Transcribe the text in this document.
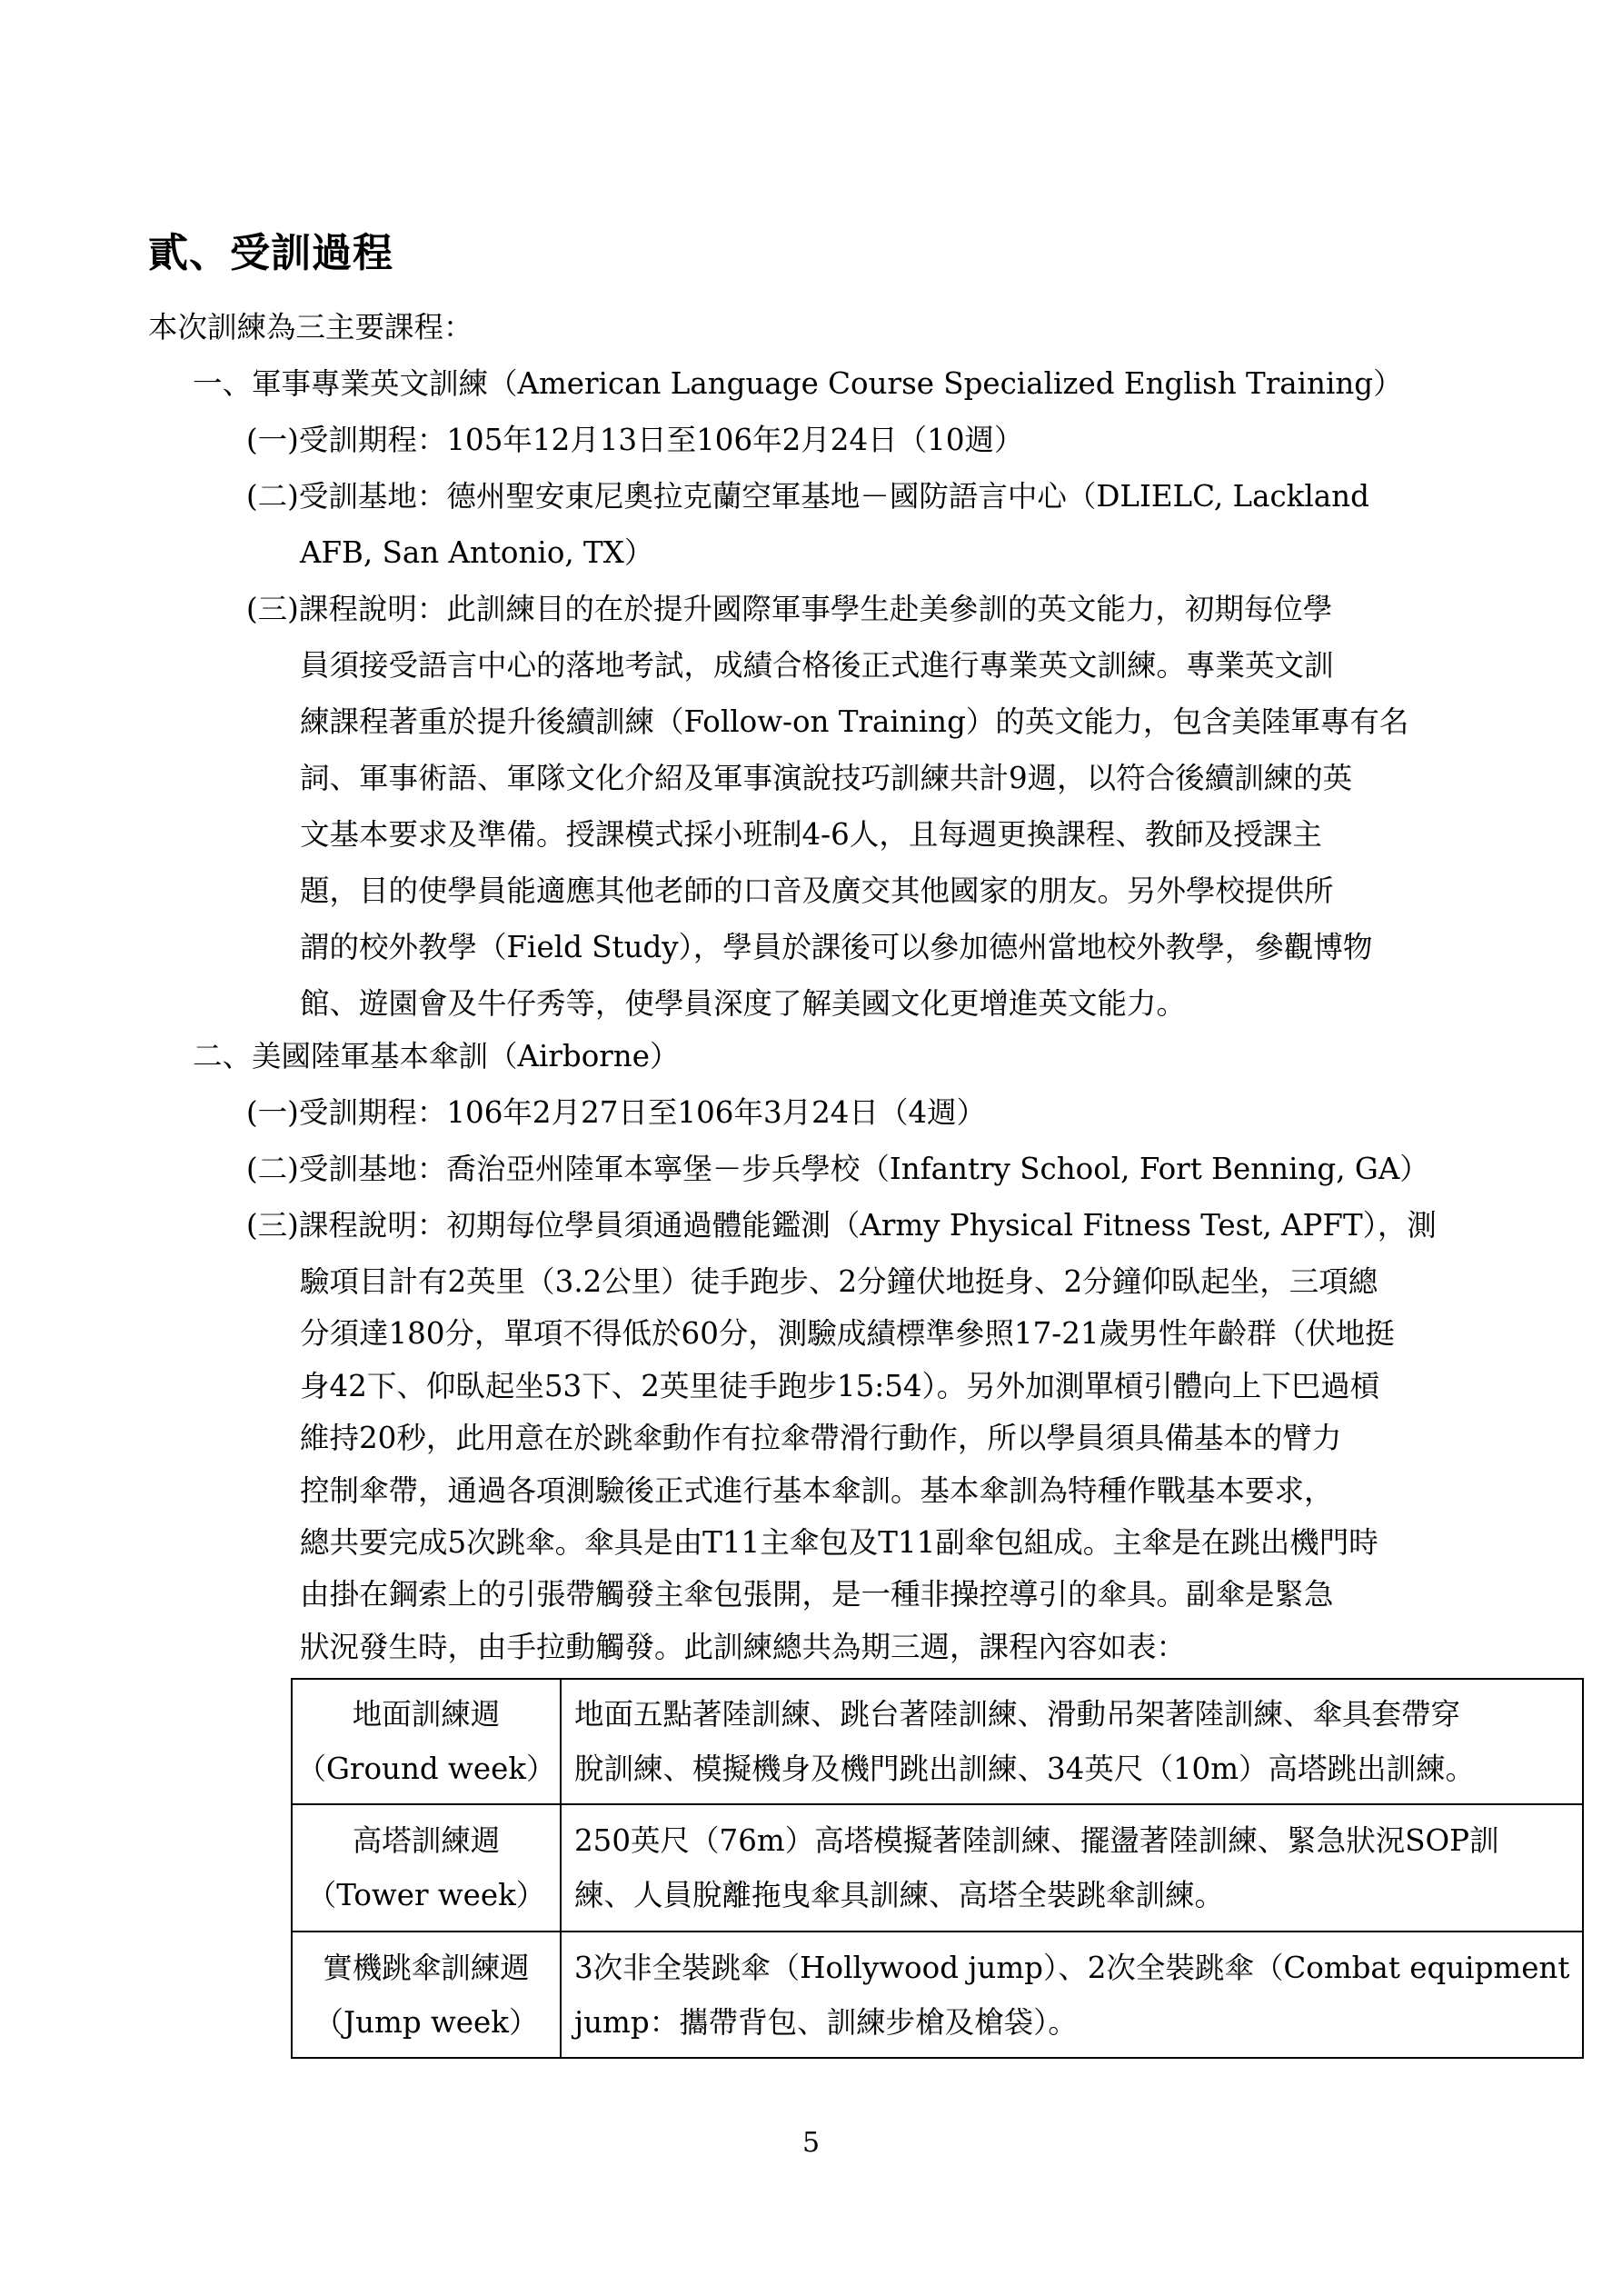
貳、受訓過程
本次訓練為三主要課程：
一、軍事專業英文訓練（American Language Course Specialized English Training）
(一)受訓期程：105年12月13日至106年2月24日（10週）
(二)受訓基地：德州聖安東尼奧拉克蘭空軍基地－國防語言中心（DLIELC, Lackland
AFB, San Antonio, TX）
(三)課程說明：此訓練目的在於提升國際軍事學生赴美參訓的英文能力，初期每位學
員須接受語言中心的落地考試，成績合格後正式進行專業英文訓練。專業英文訓
練課程著重於提升後續訓練（Follow-on Training）的英文能力，包含美陸軍專有名
詞、軍事術語、軍隊文化介紹及軍事演說技巧訓練共計9週，以符合後續訓練的英
文基本要求及準備。授課模式採小班制4-6人，且每週更換課程、教師及授課主
題，目的使學員能適應其他老師的口音及廣交其他國家的朋友。另外學校提供所
謂的校外教學（Field Study），學員於課後可以參加德州當地校外教學，參觀博物
館、遊園會及牛仔秀等，使學員深度了解美國文化更增進英文能力。
二、美國陸軍基本傘訓（Airborne）
(一)受訓期程：106年2月27日至106年3月24日（4週）
(二)受訓基地：喬治亞州陸軍本寧堡－步兵學校（Infantry School, Fort Benning, GA）
(三)課程說明：初期每位學員須通過體能鑑測（Army Physical Fitness Test, APFT），測
驗項目計有2英里（3.2公里）徒手跑步、2分鐘伏地挺身、2分鐘仰臥起坐，三項總
分須達180分，單項不得低於60分，測驗成績標準參照17-21歲男性年齡群（伏地挺
身42下、仰臥起坐53下、2英里徒手跑步15:54）。另外加測單槓引體向上下巴過槓
維持20秒，此用意在於跳傘動作有拉傘帶滑行動作，所以學員須具備基本的臂力
控制傘帶，通過各項測驗後正式進行基本傘訓。基本傘訓為特種作戰基本要求，
總共要完成5次跳傘。傘具是由T11主傘包及T11副傘包組成。主傘是在跳出機門時
由掛在鋼索上的引張帶觸發主傘包張開，是一種非操控導引的傘具。副傘是緊急
狀況發生時，由手拉動觸發。此訓練總共為期三週，課程內容如表：
地面訓練週
（Ground week）	地面五點著陸訓練、跳台著陸訓練、滑動吊架著陸訓練、傘具套帶穿
脫訓練、模擬機身及機門跳出訓練、34英尺（10m）高塔跳出訓練。

高塔訓練週
（Tower week）	250英尺（76m）高塔模擬著陸訓練、擺盪著陸訓練、緊急狀況SOP訓
練、人員脫離拖曳傘具訓練、高塔全裝跳傘訓練。

實機跳傘訓練週
（Jump week）	3次非全裝跳傘（Hollywood jump）、2次全裝跳傘（Combat equipment
jump：攜帶背包、訓練步槍及槍袋）。
5
